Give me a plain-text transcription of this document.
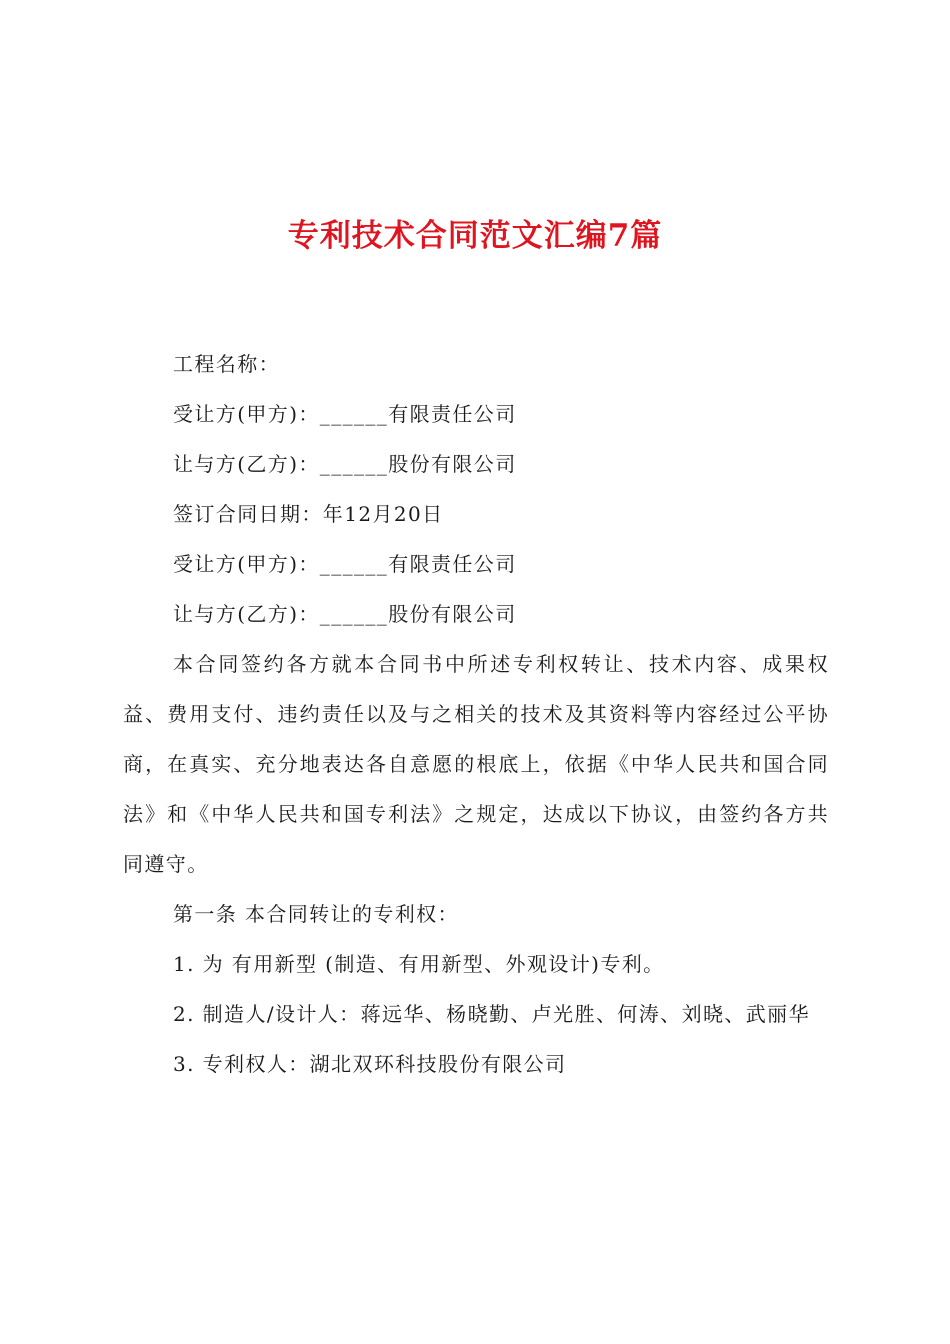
专利技术合同范文汇编7篇

工程名称：

受让方(甲方)：______有限责任公司

让与方(乙方)：______股份有限公司

签订合同日期：年12月20日

受让方(甲方)：______有限责任公司

让与方(乙方)：______股份有限公司

本合同签约各方就本合同书中所述专利权转让、技术内容、成果权益、费用支付、违约责任以及与之相关的技术及其资料等内容经过公平协商，在真实、充分地表达各自意愿的根底上，依据《中华人民共和国合同法》和《中华人民共和国专利法》之规定，达成以下协议，由签约各方共同遵守。

第一条 本合同转让的专利权：

1. 为 有用新型 (制造、有用新型、外观设计)专利。

2. 制造人/设计人：蒋远华、杨晓勤、卢光胜、何涛、刘晓、武丽华

3. 专利权人：湖北双环科技股份有限公司
